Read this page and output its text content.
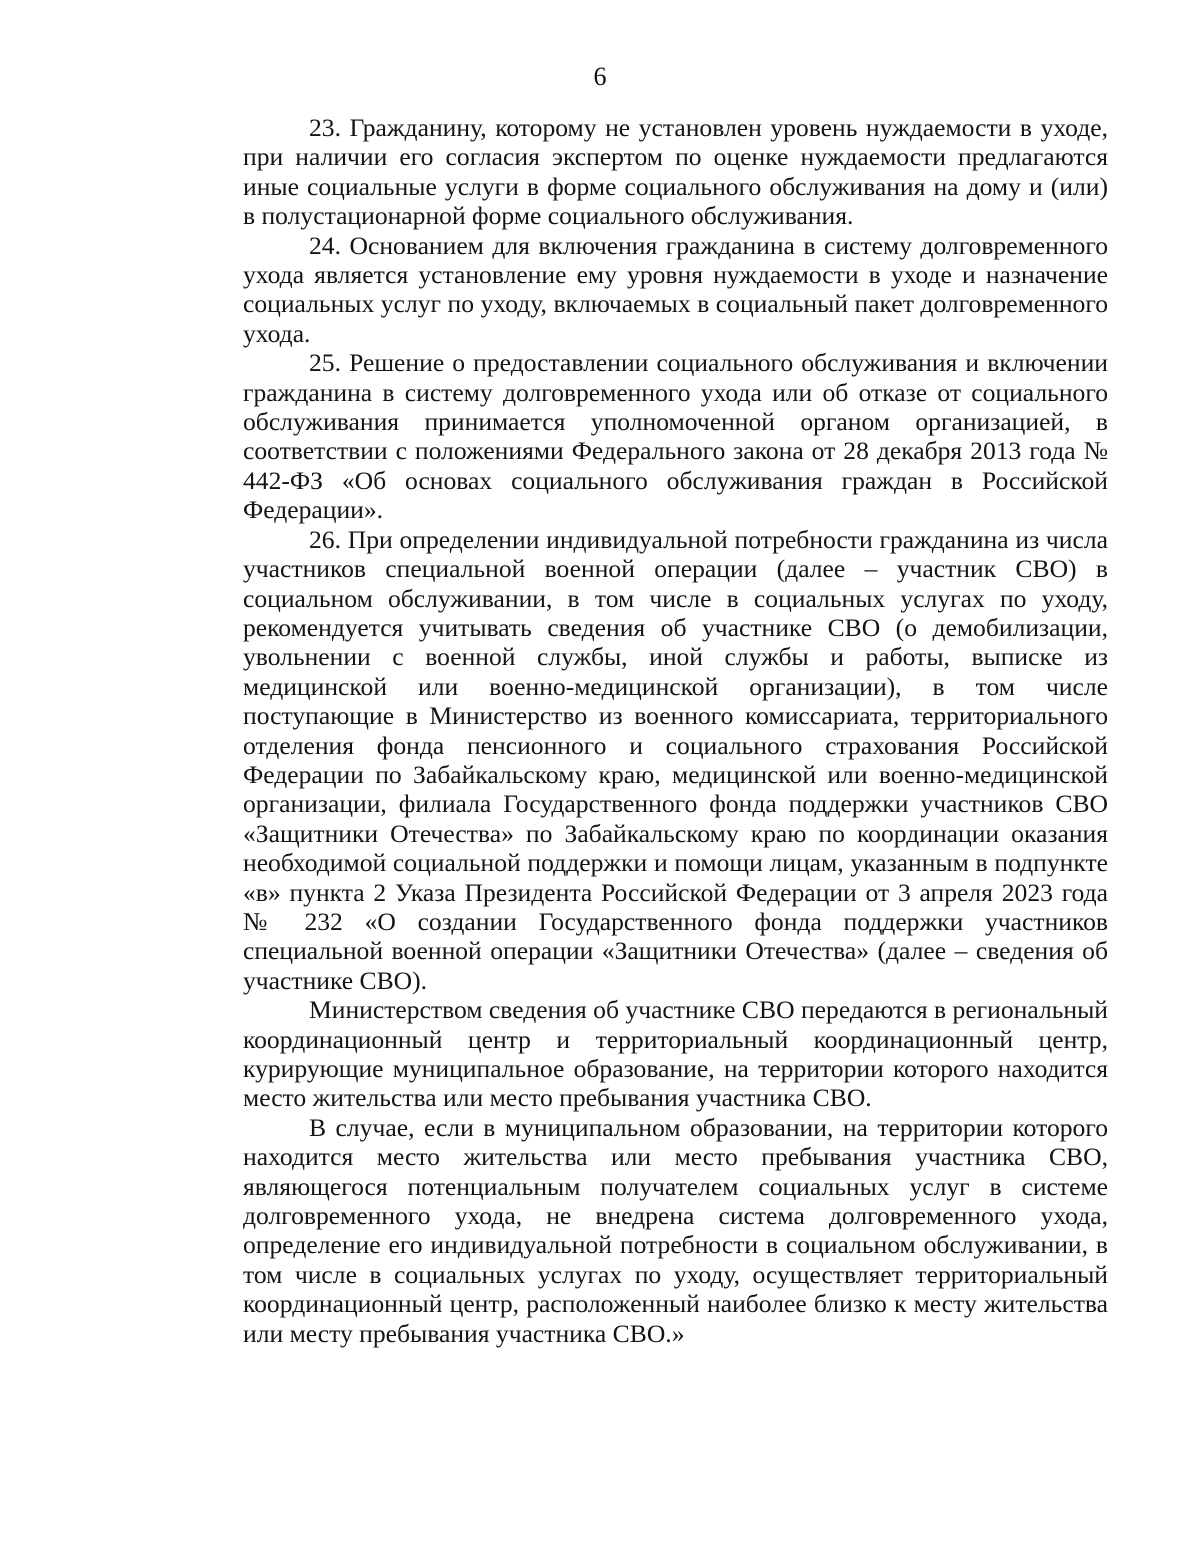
6

23. Гражданину, которому не установлен уровень нуждаемости в уходе, при наличии его согласия экспертом по оценке нуждаемости предлагаются иные социальные услуги в форме социального обслуживания на дому и (или) в полустационарной форме социального обслуживания.

24. Основанием для включения гражданина в систему долговременного ухода является установление ему уровня нуждаемости в уходе и назначение социальных услуг по уходу, включаемых в социальный пакет долговременного ухода.

25. Решение о предоставлении социального обслуживания и включении гражданина в систему долговременного ухода или об отказе от социального обслуживания принимается уполномоченной органом организацией, в соответствии с положениями Федерального закона от 28 декабря 2013 года № 442-ФЗ «Об основах социального обслуживания граждан в Российской Федерации».

26. При определении индивидуальной потребности гражданина из числа участников специальной военной операции (далее – участник СВО) в социальном обслуживании, в том числе в социальных услугах по уходу, рекомендуется учитывать сведения об участнике СВО (о демобилизации, увольнении с военной службы, иной службы и работы, выписке из медицинской или военно-медицинской организации), в том числе поступающие в Министерство из военного комиссариата, территориального отделения фонда пенсионного и социального страхования Российской Федерации по Забайкальскому краю, медицинской или военно-медицинской организации, филиала Государственного фонда поддержки участников СВО «Защитники Отечества» по Забайкальскому краю по координации оказания необходимой социальной поддержки и помощи лицам, указанным в подпункте «в» пункта 2 Указа Президента Российской Федерации от 3 апреля 2023 года № 232 «О создании Государственного фонда поддержки участников специальной военной операции «Защитники Отечества» (далее – сведения об участнике СВО).

Министерством сведения об участнике СВО передаются в региональный координационный центр и территориальный координационный центр, курирующие муниципальное образование, на территории которого находится место жительства или место пребывания участника СВО.

В случае, если в муниципальном образовании, на территории которого находится место жительства или место пребывания участника СВО, являющегося потенциальным получателем социальных услуг в системе долговременного ухода, не внедрена система долговременного ухода, определение его индивидуальной потребности в социальном обслуживании, в том числе в социальных услугах по уходу, осуществляет территориальный координационный центр, расположенный наиболее близко к месту жительства или месту пребывания участника СВО.»
